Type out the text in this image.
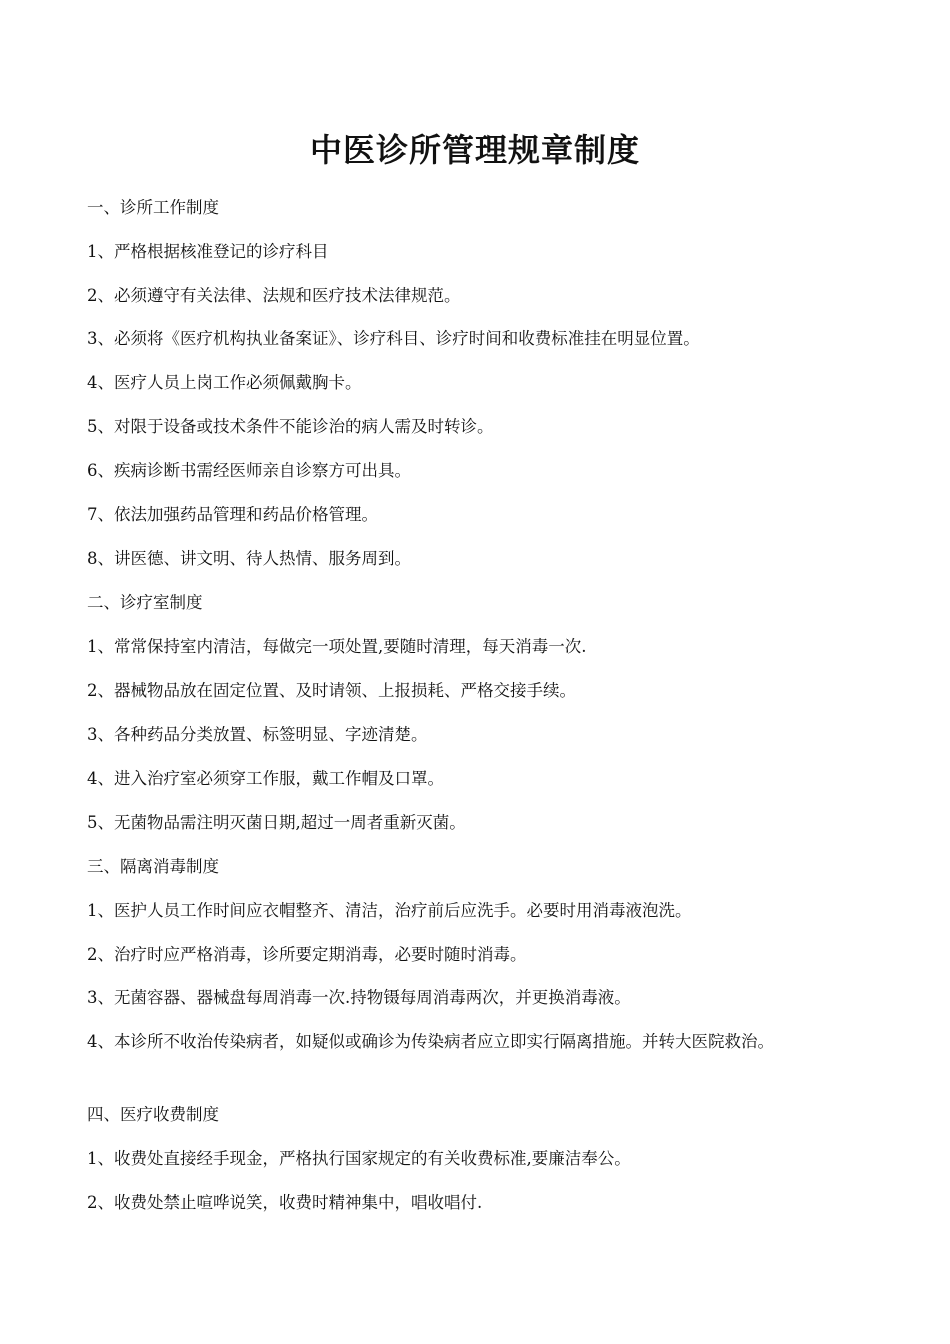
中医诊所管理规章制度

一、诊所工作制度

1、严格根据核准登记的诊疗科目

2、必须遵守有关法律、法规和医疗技术法律规范。

3、必须将《医疗机构执业备案证》、诊疗科目、诊疗时间和收费标准挂在明显位置。

4、医疗人员上岗工作必须佩戴胸卡。

5、对限于设备或技术条件不能诊治的病人需及时转诊。

6、疾病诊断书需经医师亲自诊察方可出具。

7、依法加强药品管理和药品价格管理。

8、讲医德、讲文明、待人热情、服务周到。

二、诊疗室制度

1、常常保持室内清洁，每做完一项处置,要随时清理，每天消毒一次.

2、器械物品放在固定位置、及时请领、上报损耗、严格交接手续。

3、各种药品分类放置、标签明显、字迹清楚。

4、进入治疗室必须穿工作服，戴工作帽及口罩。

5、无菌物品需注明灭菌日期,超过一周者重新灭菌。

三、隔离消毒制度

1、医护人员工作时间应衣帽整齐、清洁，治疗前后应洗手。必要时用消毒液泡洗。

2、治疗时应严格消毒，诊所要定期消毒，必要时随时消毒。

3、无菌容器、器械盘每周消毒一次.持物镊每周消毒两次，并更换消毒液。

4、本诊所不收治传染病者，如疑似或确诊为传染病者应立即实行隔离措施。并转大医院救治。

四、医疗收费制度

1、收费处直接经手现金，严格执行国家规定的有关收费标准,要廉洁奉公。

2、收费处禁止喧哗说笑，收费时精神集中，唱收唱付.
